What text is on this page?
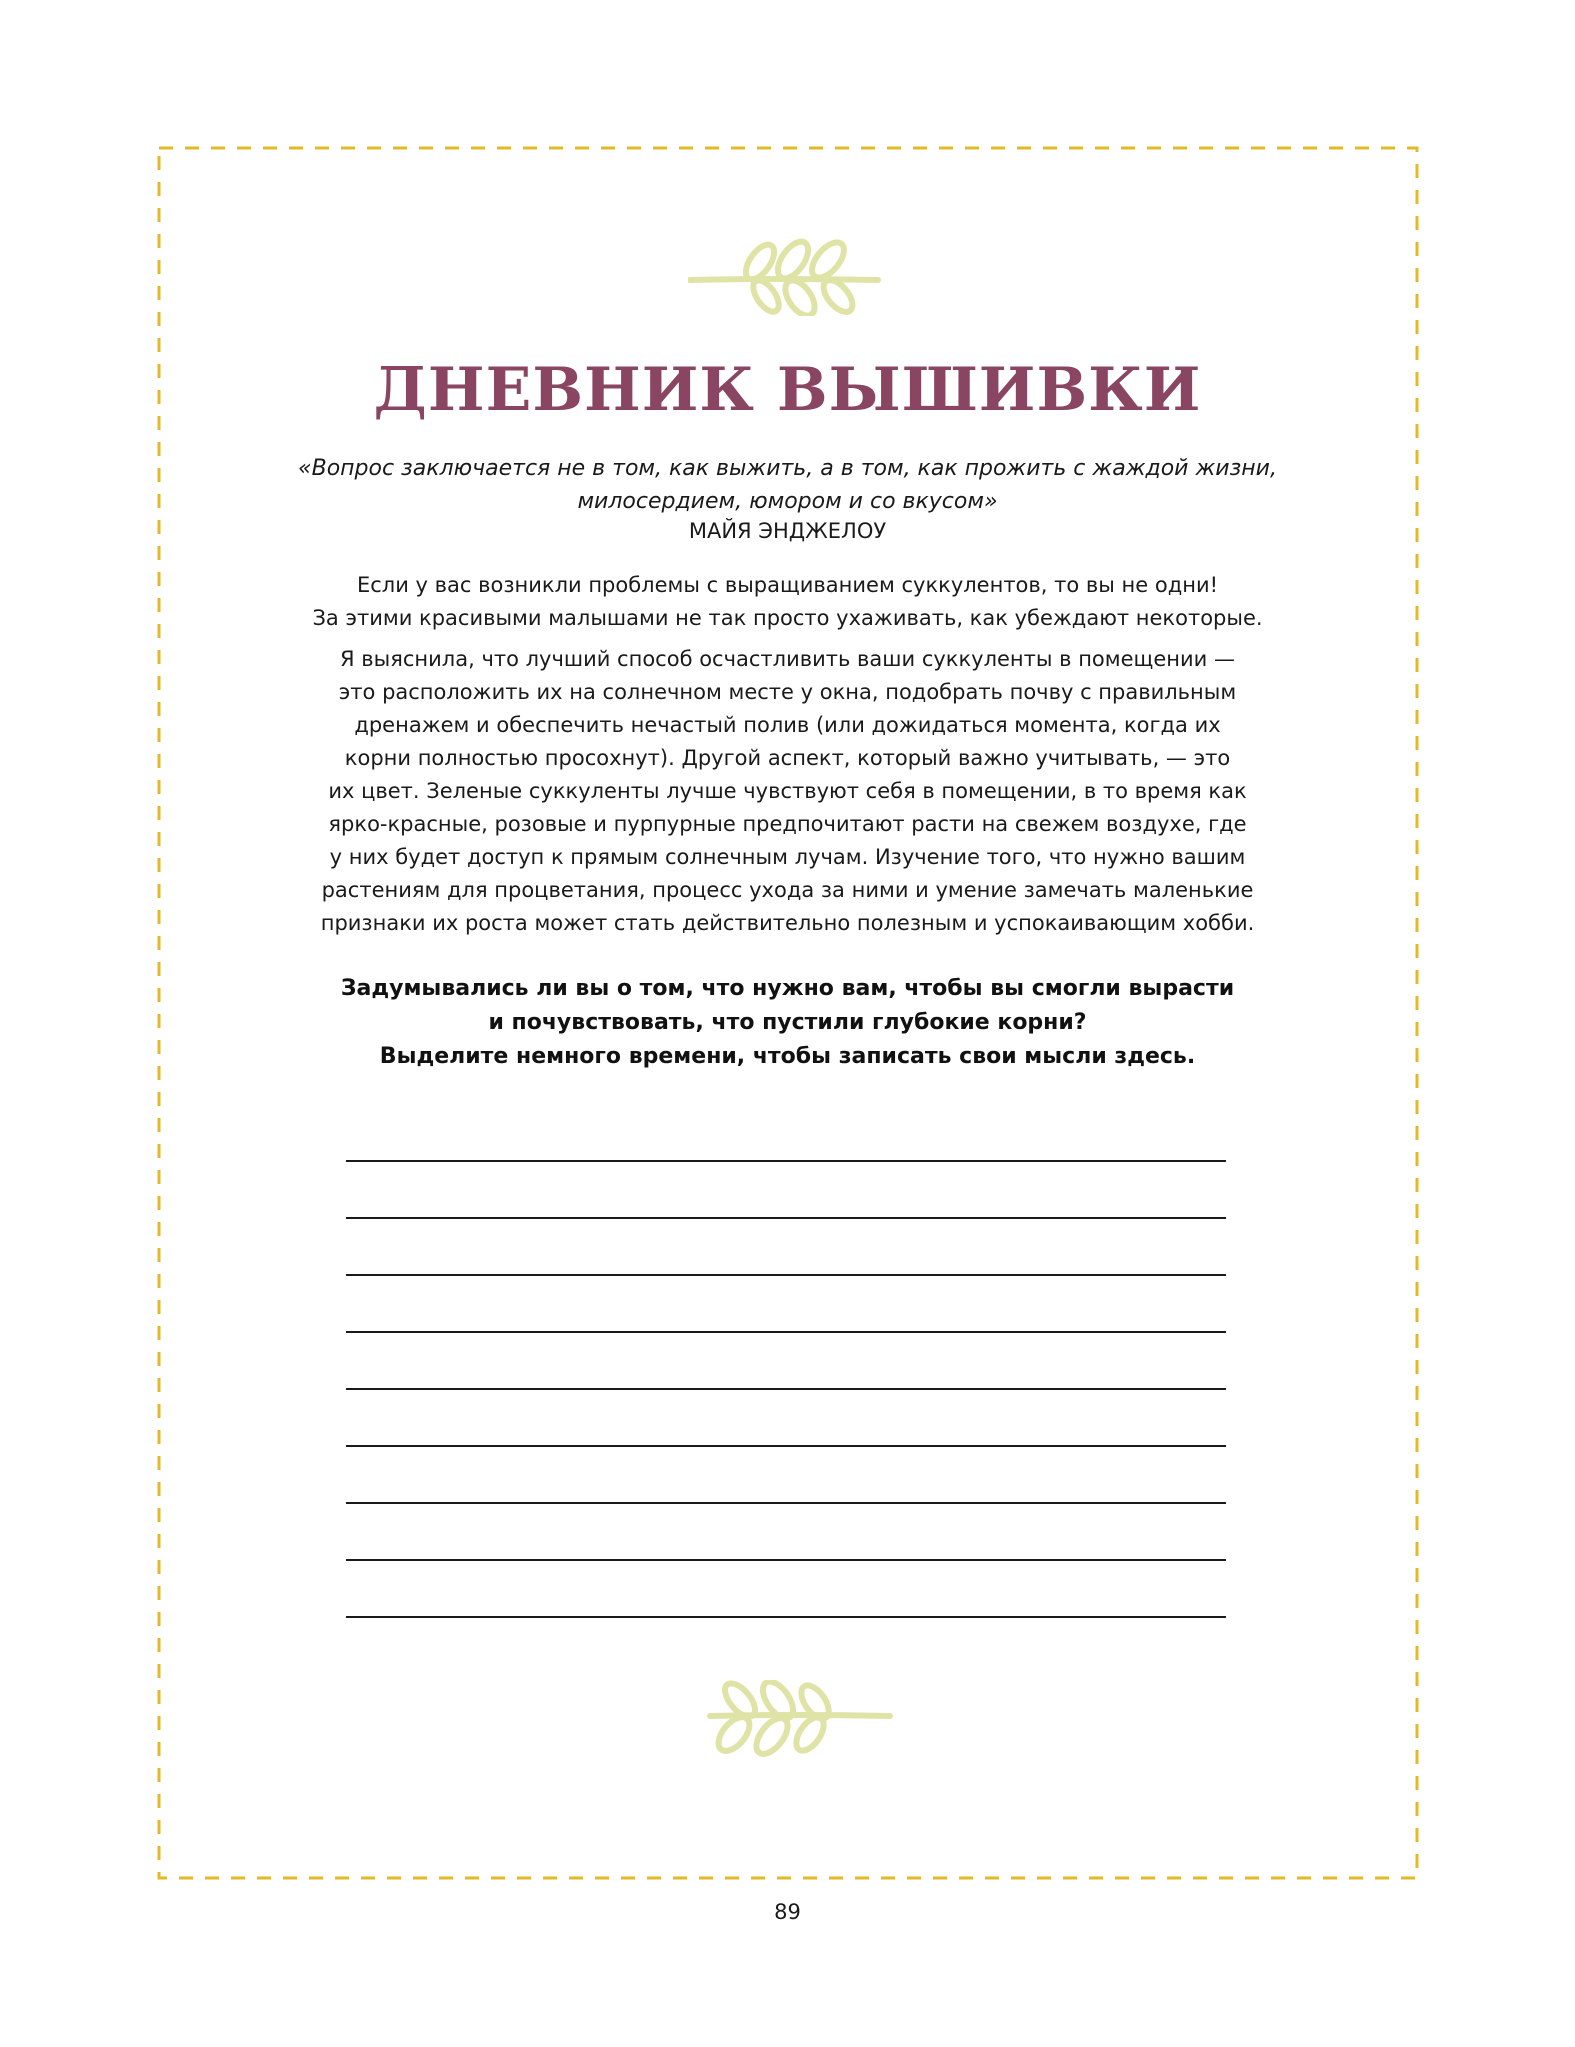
ДНЕВНИК ВЫШИВКИ
«Вопрос заключается не в том, как выжить, а в том, как прожить с жаждой жизни,
милосердием, юмором и со вкусом»
МАЙЯ ЭНДЖЕЛОУ

Если у вас возникли проблемы с выращиванием суккулентов, то вы не одни!
За этими красивыми малышами не так просто ухаживать, как убеждают некоторые.

Я выяснила, что лучший способ осчастливить ваши суккуленты в помещении —
это расположить их на солнечном месте у окна, подобрать почву с правильным
дренажем и обеспечить нечастый полив (или дожидаться момента, когда их
корни полностью просохнут). Другой аспект, который важно учитывать, — это
их цвет. Зеленые суккуленты лучше чувствуют себя в помещении, в то время как
ярко-красные, розовые и пурпурные предпочитают расти на свежем воздухе, где
у них будет доступ к прямым солнечным лучам. Изучение того, что нужно вашим
растениям для процветания, процесс ухода за ними и умение замечать маленькие
признаки их роста может стать действительно полезным и успокаивающим хобби.

Задумывались ли вы о том, что нужно вам, чтобы вы смогли вырасти
и почувствовать, что пустили глубокие корни?
Выделите немного времени, чтобы записать свои мысли здесь.
89
